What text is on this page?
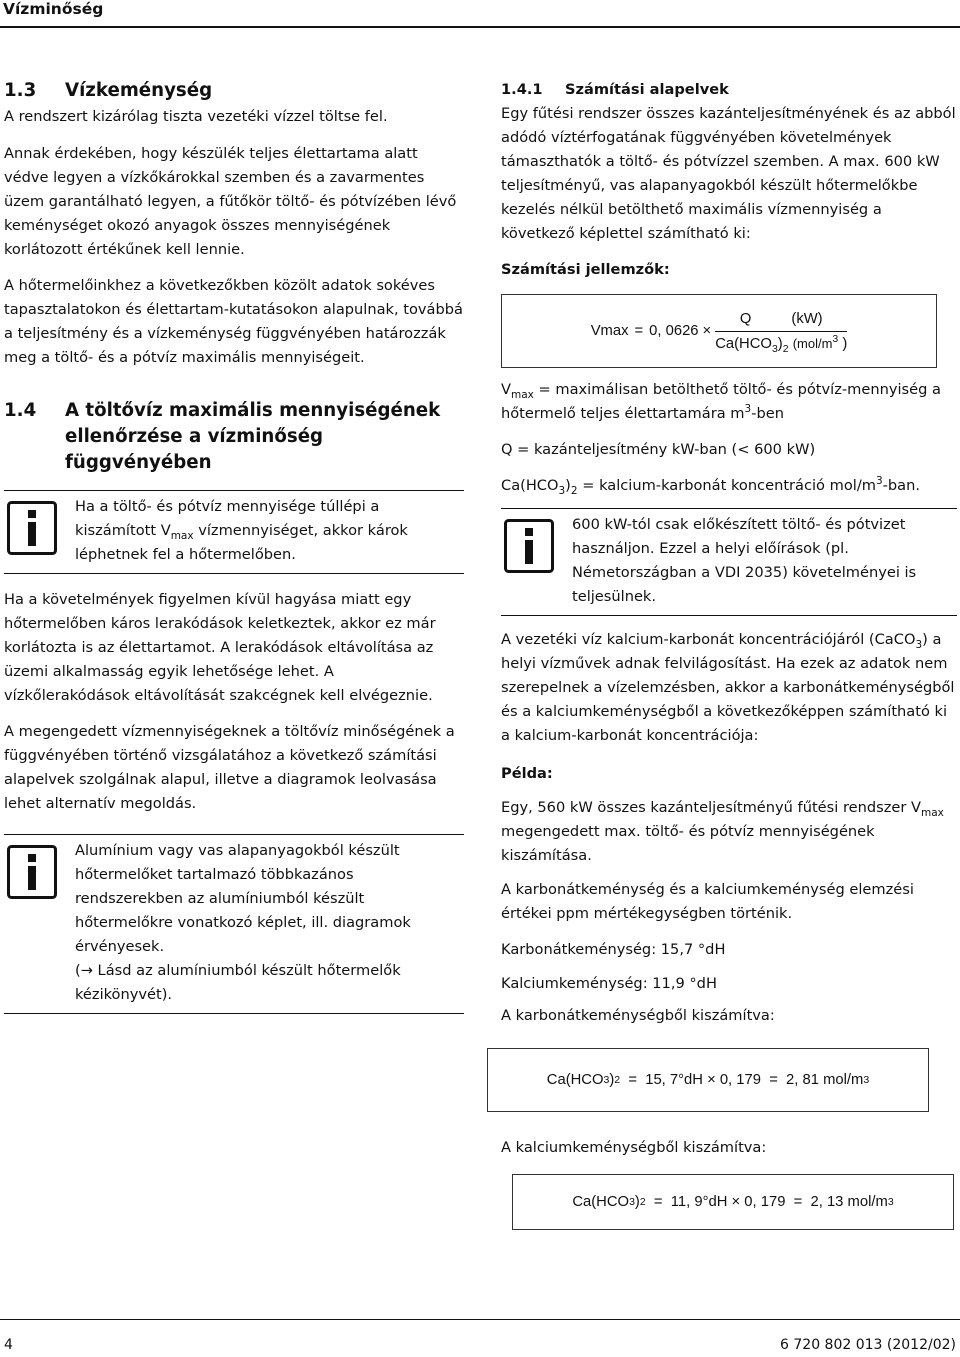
Vízminőség
1.3	Vízkeménység

A rendszert kizárólag tiszta vezetéki vízzel töltse fel.

Annak érdekében, hogy készülék teljes élettartama alatt védve legyen a vízkőkárokkal szemben és a zavarmentes üzem garantálható legyen, a fűtőkör töltő- és pótvízében lévő keménységet okozó anyagok összes mennyiségének korlátozott értékűnek kell lennie.

A hőtermelőinkhez a következőkben közölt adatok sokéves tapasztalatokon és élettartam-kutatásokon alapulnak, továbbá a teljesítmény és a vízkeménység függvényében határozzák meg a töltő- és a pótvíz maximális mennyiségeit.

1.4	A töltővíz maximális mennyiségének ellenőrzése a vízminőség függvényében
Ha a töltő- és pótvíz mennyisége túllépi a kiszámított $V_{max}$ vízmennyiséget, akkor károk léphetnek fel a hőtermelőben.

Ha a követelmények figyelmen kívül hagyása miatt egy hőtermelőben káros lerakódások keletkeztek, akkor ez már korlátozta is az élettartamot. A lerakódások eltávolítása az üzemi alkalmasság egyik lehetősége lehet. A vízkőlerakódások eltávolítását szakcégnek kell elvégeznie.

A megengedett vízmennyiségeknek a töltővíz minőségének a függvényében történő vizsgálatához a következő számítási alapelvek szolgálnak alapul, illetve a diagramok leolvasása lehet alternatív megoldás.

Alumínium vagy vas alapanyagokból készült hőtermelőket tartalmazó többkazános rendszerekben az alumíniumból készült hőtermelőkre vonatkozó képlet, ill. diagramok érvényesek.
(→ Lásd az alumíniumból készült hőtermelők kézikönyvét).
1.4.1	Számítási alapelvek

Egy fűtési rendszer összes kazánteljesítményének és az abból adódó víztérfogatának függvényében követelmények támaszthatók a töltő- és pótvízzel szemben. A max. 600 kW teljesítményű, vas alapanyagokból készült hőtermelőkbe kezelés nélkül betölthető maximális vízmennyiség a következő képlettel számítható ki:

Számítási jellemzők:

Vmax = 0, 0626 × Q	(kW)
$Ca(HCO_3)_2$ ($mol/m^3$ )

$V_{max}$ = maximálisan betölthető töltő- és pótvíz-mennyiség a hőtermelő teljes élettartamára $m^3$-ben

Q = kazánteljesítmény kW-ban (< 600 kW)

$Ca(HCO_3)_2$ = kalcium-karbonát koncentráció mol/$m^3$-ban.

600 kW-tól csak előkészített töltő- és pótvizet használjon. Ezzel a helyi előírások (pl. Németországban a VDI 2035) követelményei is teljesülnek.

A vezetéki víz kalcium-karbonát koncentrációjáról (CaCO$_3$) a helyi vízművek adnak felvilágosítást. Ha ezek az adatok nem szerepelnek a vízelemzésben, akkor a karbonátkeménységből és a kalciumkeménységből a következőképpen számítható ki a kalcium-karbonát koncentrációja:

Példa:

Egy, 560 kW összes kazánteljesítményű fűtési rendszer $V_{max}$ megengedett max. töltő- és pótvíz mennyiségének kiszámítása.

A karbonátkeménység és a kalciumkeménység elemzési értékei ppm mértékegységben történik.

Karbonátkeménység: 15,7 °dH

Kalciumkeménység: 11,9 °dH

A karbonátkeménységből kiszámítva:

Ca(HCO 3 ) 2 =  15, 7°dH × 0, 179  =  2, 81 mol/m 3

A kalciumkeménységből kiszámítva:

Ca(HCO 3 ) 2 =  11, 9°dH × 0, 179  =  2, 13 mol/m 3
4	6 720 802 013 (2012/02)
